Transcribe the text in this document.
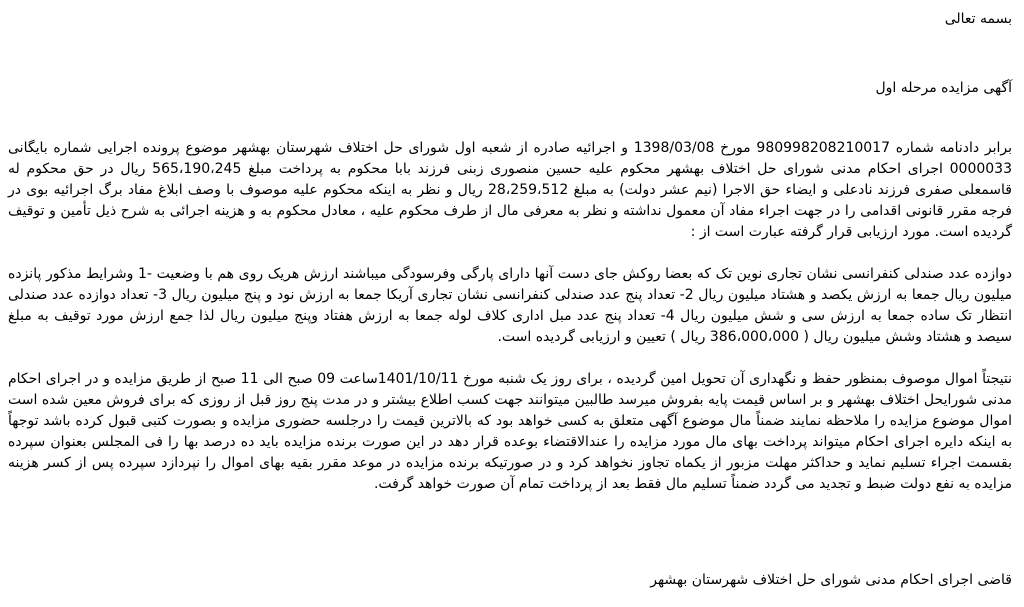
بسمه تعالی
آگهی مزایده مرحله اول
برابر دادنامه شماره 980998208210017 مورخ 1398/03/08 و اجرائیه صادره از شعبه اول شورای حل اختلاف شهرستان بهشهر موضوع پرونده اجرایی شماره بایگانی 0000033 اجرای احکام مدنی شورای حل اختلاف بهشهر محکوم علیه حسین منصوری زبنی فرزند بابا محکوم به پرداخت مبلغ 565،190،245 ریال در حق محکوم له قاسمعلی صفری فرزند نادعلی و ایضاء حق الاجرا (نیم عشر دولت) به مبلغ 28،259،512 ریال و نظر به اینکه محکوم علیه موصوف با وصف ابلاغ مفاد برگ اجرائیه بوی در فرجه مقرر قانونی اقدامی را در جهت اجراء مفاد آن معمول نداشته و نظر به معرفی مال از طرف محکوم علیه ، معادل محکوم به و هزینه اجرائی به شرح ذیل تأمین و توقیف گردیده است. مورد ارزیابی قرار گرفته عبارت است از :
دوازده عدد صندلی کنفرانسی نشان تجاری نوین تک که بعضا روکش جای دست آنها دارای پارگی وفرسودگی میباشند ارزش هریک روی هم با وضعیت -1 وشرایط مذکور پانزده میلیون ریال جمعا به ارزش یکصد و هشتاد میلیون ریال 2- تعداد پنج عدد صندلی کنفرانسی نشان تجاری آریکا جمعا به ارزش نود و پنج میلیون ریال 3- تعداد دوازده عدد صندلی انتظار تک ساده جمعا به ارزش سی و شش میلیون ریال 4- تعداد پنج عدد مبل اداری کلاف لوله جمعا به ارزش هفتاد وپنج میلیون ریال لذا جمع ارزش مورد توقیف به مبلغ سیصد و هشتاد وشش میلیون ریال ( 386،000،000 ریال ) تعیین و ارزیابی گردیده است.
نتیجتاً اموال موصوف بمنظور حفظ و نگهداری آن تحویل امین گردیده ، برای روز یک شنبه مورخ 1401/10/11ساعت 09 صبح الی 11 صبح از طریق مزایده و در اجرای احکام مدنی شورایحل اختلاف بهشهر و بر اساس قیمت پایه بفروش میرسد طالبین میتوانند جهت کسب اطلاع بیشتر و در مدت پنج روز قبل از روزی که برای فروش معین شده است اموال موضوع مزایده را ملاحظه نمایند ضمناً مال موضوع آگهی متعلق به کسی خواهد بود که بالاترین قیمت را درجلسه حضوری مزایده و بصورت کتبی قبول کرده باشد توجهاً به اینکه دایره اجرای احکام میتواند پرداخت بهای مال مورد مزایده را عندالاقتضاء بوعده قرار دهد در این صورت برنده مزایده باید ده درصد بها را فی المجلس بعنوان سپرده بقسمت اجراء تسلیم نماید و حداکثر مهلت مزبور از یکماه تجاوز نخواهد کرد و در صورتیکه برنده مزایده در موعد مقرر بقیه بهای اموال را نپردازد سپرده پس از کسر هزینه مزایده به نفع دولت ضبط و تجدید می گردد ضمناً تسلیم مال فقط بعد از پرداخت تمام آن صورت خواهد گرفت.
قاضی اجرای احکام مدنی شورای حل اختلاف شهرستان بهشهر
